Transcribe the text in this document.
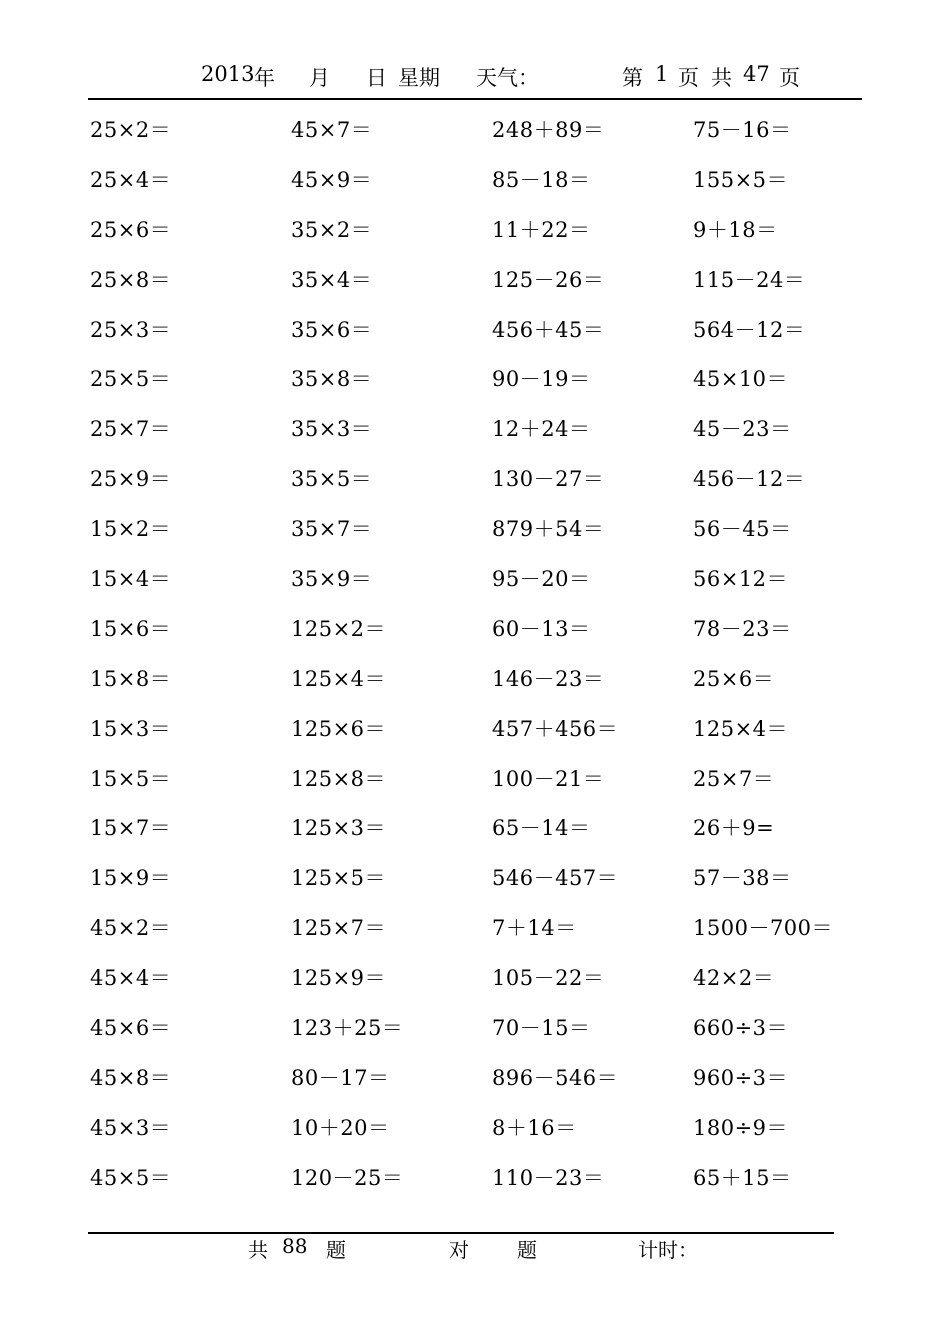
2013 年 月 日 星期 天气：	第 1 页 共 47 页
25×2＝	45×7＝	248＋89＝	75－16＝
25×4＝	45×9＝	85－18＝	155×5＝
25×6＝	35×2＝	11＋22＝	9＋18＝
25×8＝	35×4＝	125－26＝	115－24＝
25×3＝	35×6＝	456＋45＝	564－12＝
25×5＝	35×8＝	90－19＝	45×10＝
25×7＝	35×3＝	12＋24＝	45－23＝
25×9＝	35×5＝	130－27＝	456－12＝
15×2＝	35×7＝	879＋54＝	56－45＝
15×4＝	35×9＝	95－20＝	56×12＝
15×6＝	125×2＝	60－13＝	78－23＝
15×8＝	125×4＝	146－23＝	25×6＝
15×3＝	125×6＝	457＋456＝	125×4＝
15×5＝	125×8＝	100－21＝	25×7＝
15×7＝	125×3＝	65－14＝	26＋9=
15×9＝	125×5＝	546－457＝	57－38＝
45×2＝	125×7＝	7＋14＝	1500－700＝
45×4＝	125×9＝	105－22＝	42×2＝
45×6＝	123＋25＝	70－15＝	660÷3＝
45×8＝	80－17＝	896－546＝	960÷3＝
45×3＝	10＋20＝	8＋16＝	180÷9＝
45×5＝	120－25＝	110－23＝	65＋15＝
共 88 题	对 题	计时：
